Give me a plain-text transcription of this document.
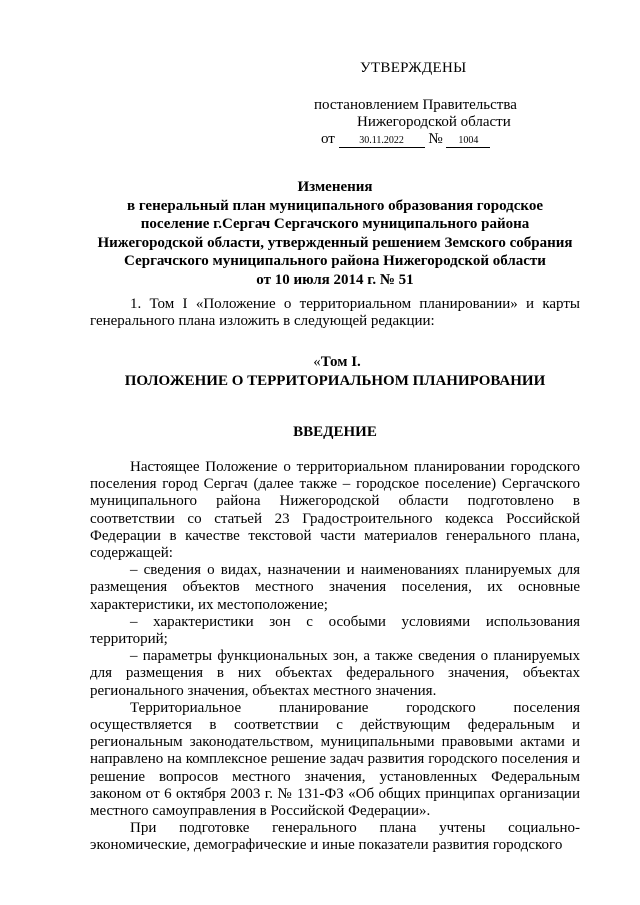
УТВЕРЖДЕНЫ
постановлением Правительства
Нижегородской области
от 30.11.2022 № 1004
Изменения
в генеральный план муниципального образования городское
поселение г.Сергач Сергачского муниципального района
Нижегородской области, утвержденный решением Земского собрания
Сергачского муниципального района Нижегородской области
от 10 июля 2014 г. № 51
1. Том I «Положение о территориальном планировании» и карты генерального плана изложить в следующей редакции:
«Том I.
ПОЛОЖЕНИЕ О ТЕРРИТОРИАЛЬНОМ ПЛАНИРОВАНИИ
ВВЕДЕНИЕ

Настоящее Положение о территориальном планировании городского поселения город Сергач (далее также – городское поселение) Сергачского муниципального района Нижегородской области подготовлено в соответствии со статьей 23 Градостроительного кодекса Российской Федерации в качестве текстовой части материалов генерального плана, содержащей:

– сведения о видах, назначении и наименованиях планируемых для размещения объектов местного значения поселения, их основные характеристики, их местоположение;

– характеристики зон с особыми условиями использования территорий;

– параметры функциональных зон, а также сведения о планируемых для размещения в них объектах федерального значения, объектах регионального значения, объектах местного значения.

Территориальное планирование городского поселения осуществляется в соответствии с действующим федеральным и региональным законодательством, муниципальными правовыми актами и направлено на комплексное решение задач развития городского поселения и решение вопросов местного значения, установленных Федеральным законом от 6 октября 2003 г. № 131-ФЗ «Об общих принципах организации местного самоуправления в Российской Федерации».

При подготовке генерального плана учтены социально-экономические, демографические и иные показатели развития городского
